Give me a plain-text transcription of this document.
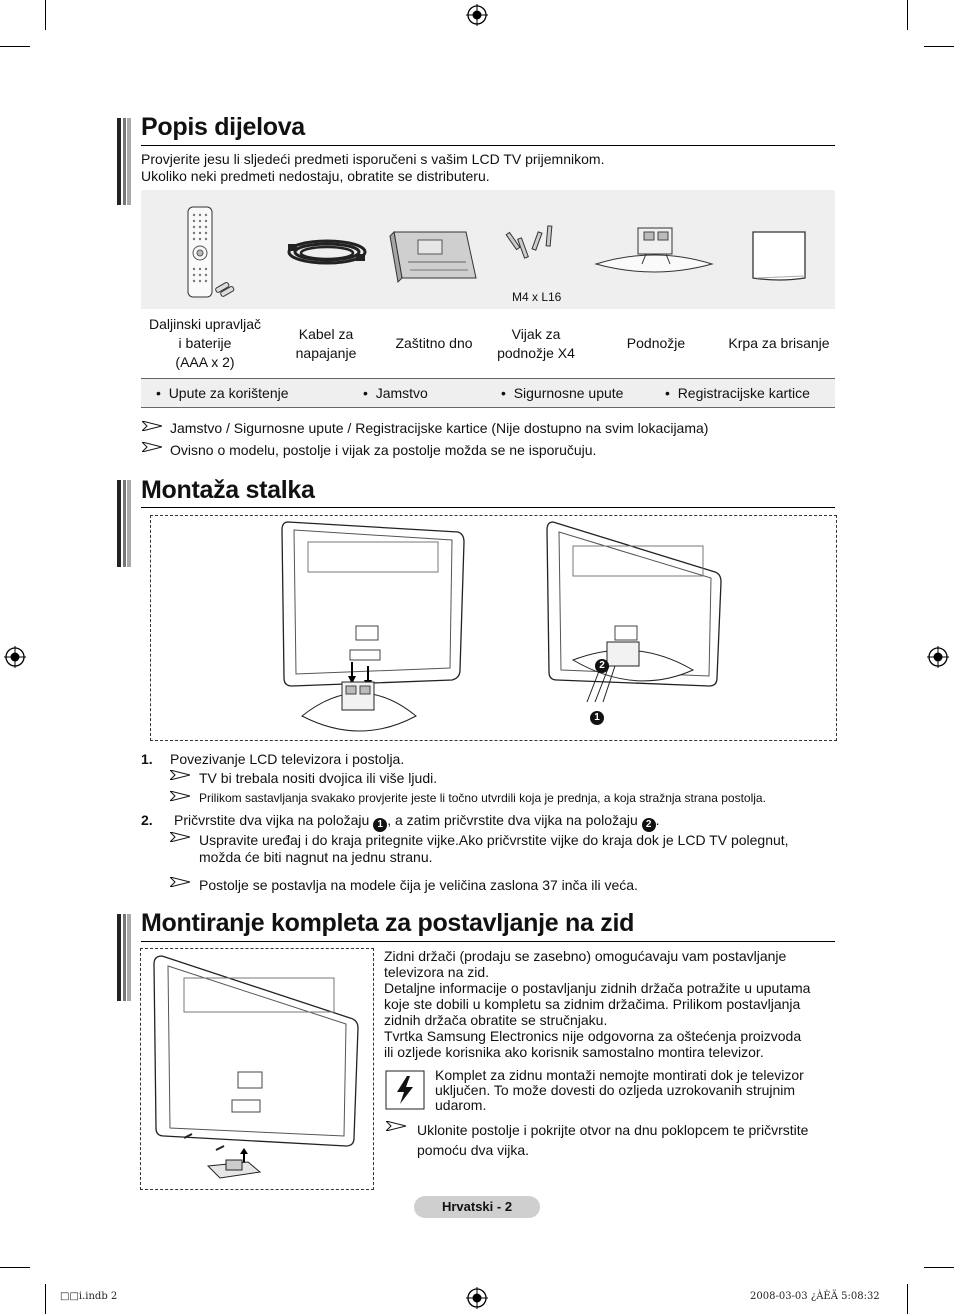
Popis dijelova
Provjerite jesu li sljedeći predmeti isporučeni s vašim LCD TV prijemnikom.
Ukoliko neki predmeti nedostaju, obratite se distributeru.
M4 x L16
Daljinski upravljač
i baterije
(AAA x 2)
Kabel za
napajanje
Zaštitno dno
Vijak za
podnožje X4
Podnožje	Krpa za brisanje
•  Upute za korištenje	•  Jamstvo	•  Sigurnosne upute	•  Registracijske kartice
Jamstvo / Sigurnosne upute / Registracijske kartice (Nije dostupno na svim lokacijama)
Ovisno o modelu, postolje i vijak za postolje možda se ne isporučuju.
Montaža stalka
2
1
1. Povezivanje LCD televizora i postolja.
TV bi trebala nositi dvojica ili više ljudi.
Prilikom sastavljanja svakako provjerite jeste li točno utvrdili koja je prednja, a koja stražnja strana postolja.
2. Pričvrstite dva vijka na položaju 1 , a zatim pričvrstite dva vijka na položaju 2 .
Uspravite uređaj i do kraja pritegnite vijke.Ako pričvrstite vijke do kraja dok je LCD TV polegnut,
možda će biti nagnut na jednu stranu.
Postolje se postavlja na modele čija je veličina zaslona 37 inča ili veća.
Montiranje kompleta za postavljanje na zid
Zidni držači (prodaju se zasebno) omogućavaju vam postavljanje
televizora na zid.
Detaljne informacije o postavljanju zidnih držača potražite u uputama
koje ste dobili u kompletu sa zidnim držačima. Prilikom postavljanja
zidnih držača obratite se stručnjaku.
Tvrtka Samsung Electronics nije odgovorna za oštećenja proizvoda
ili ozljede korisnika ako korisnik samostalno montira televizor.
Komplet za zidnu montaži nemojte montirati dok je televizor
uključen. To može dovesti do ozljeda uzrokovanih strujnim
udarom.
Uklonite postolje i pokrijte otvor na dnu poklopcem te pričvrstite
pomoću dva vijka.
Hrvatski - 2
□□i.indb 2	2008-03-03 ¿ÀÈÄ 5:08:32
